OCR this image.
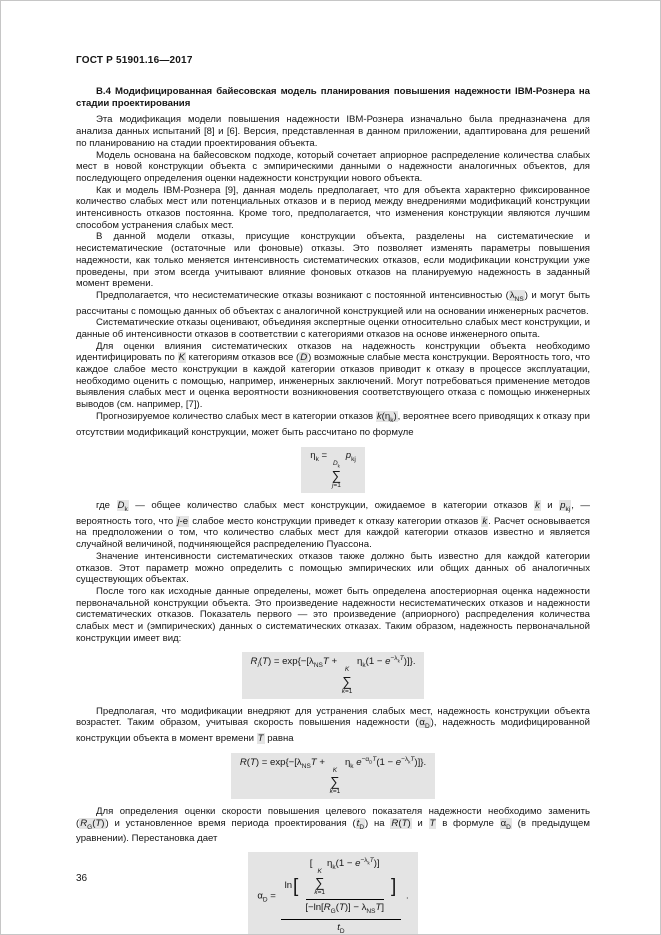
ГОСТ Р 51901.16—2017

В.4 Модифицированная байесовская модель планирования повышения надежности IBM-Рознера на стадии проектирования

Эта модификация модели повышения надежности IBM-Рознера изначально была предназначена для анализа данных испытаний [8] и [6]. Версия, представленная в данном приложении, адаптирована для решений по планированию на стадии проектирования объекта.

Модель основана на байесовском подходе, который сочетает априорное распределение количества слабых мест в новой конструкции объекта с эмпирическими данными о надежности аналогичных объектов, для последующего определения оценки надежности конструкции нового объекта.

Как и модель IBM-Рознера [9], данная модель предполагает, что для объекта характерно фиксированное количество слабых мест или потенциальных отказов и в период между внедрениями модификаций конструкции интенсивность отказов постоянна. Кроме того, предполагается, что изменения конструкции являются лучшим способом устранения слабых мест.

В данной модели отказы, присущие конструкции объекта, разделены на систематические и несистематические (остаточные или фоновые) отказы. Это позволяет изменять параметры повышения надежности, как только меняется интенсивность систематических отказов, если модификации конструкции уже проведены, при этом всегда учитывают влияние фоновых отказов на планируемую надежность в заданный момент времени.

Предполагается, что несистематические отказы возникают с постоянной интенсивностью $(\lambda_{NS})$ и могут быть рассчитаны с помощью данных об объектах с аналогичной конструкцией или на основании инженерных расчетов.

Систематические отказы оценивают, объединяя экспертные оценки относительно слабых мест конструкции, и данные об интенсивности отказов в соответствии с категориями отказов на основе инженерного опыта.

Для оценки влияния систематических отказов на надежность конструкции объекта необходимо идентифицировать по K категориям отказов все (D) возможные слабые места конструкции. Вероятность того, что каждое слабое место конструкции в каждой категории отказов приводит к отказу в процессе эксплуатации, необходимо оценить с помощью, например, инженерных заключений. Могут потребоваться применение методов выявления слабых мест и оценка вероятности возникновения соответствующего отказа с помощью инженерных выводов (см. например, [7]).

Прогнозируемое количество слабых мест в категории отказов $k(\eta_k)$, вероятнее всего приводящих к отказу при отсутствии модификаций конструкции, может быть рассчитано по формуле

$\eta_k$ =
$D_k$
∑
j=1
$p_{kj}$

где $D_k$ — общее количество слабых мест конструкции, ожидаемое в категории отказов k и $p_{kj}$, — вероятность того, что j-е слабое место конструкции приведет к отказу категории отказов k. Расчет основывается на предположении о том, что количество слабых мест для каждой категории отказов известно и является случайной величиной, подчиняющейся распределению Пуассона.

Значение интенсивности систематических отказов также должно быть известно для каждой категории отказов. Этот параметр можно определить с помощью эмпирических или общих данных об аналогичных существующих объектах.

После того как исходные данные определены, может быть определена апостериорная оценка надежности первоначальной конструкции объекта. Это произведение надежности несистематических отказов и надежности систематических отказов. Показатель первого — это произведение (априорного) распределения количества слабых мест и (эмпирических) данных о систематических отказах. Таким образом, надежность первоначальной конструкции имеет вид:

$R_i(T) = \exp\{-[\lambda_{NS}T$ +
K
∑
k=1
$\eta_k(1 - e^{-\lambda_kT})$]}.

Предполагая, что модификации внедряют для устранения слабых мест, надежность конструкции объекта возрастет. Таким образом, учитывая скорость повышения надежности $(\alpha_D)$, надежность модифицированной конструкции объекта в момент времени T равна

$R(T) = \exp\{-[\lambda_{NS}T$ +
K
∑
k=1
$\eta_k$ $e^{-\alpha_DT}(1 - e^{-\lambda_kT})$]}.

Для определения оценки скорости повышения целевого показателя надежности необходимо заменить $(R_G(T))$ и установленное время периода проектирования $(t_D)$ на R(T) и T в формуле $\alpha_D$ (в предыдущем уравнении). Перестановка дает

$\alpha_D = \ln$ [ [
K
∑
k=1
$\eta_k(1 - e^{-\lambda_kT})$]
$[-\ln[R_G(T)] - \lambda_{NS}T]$ ]
$t_D$ .
36
